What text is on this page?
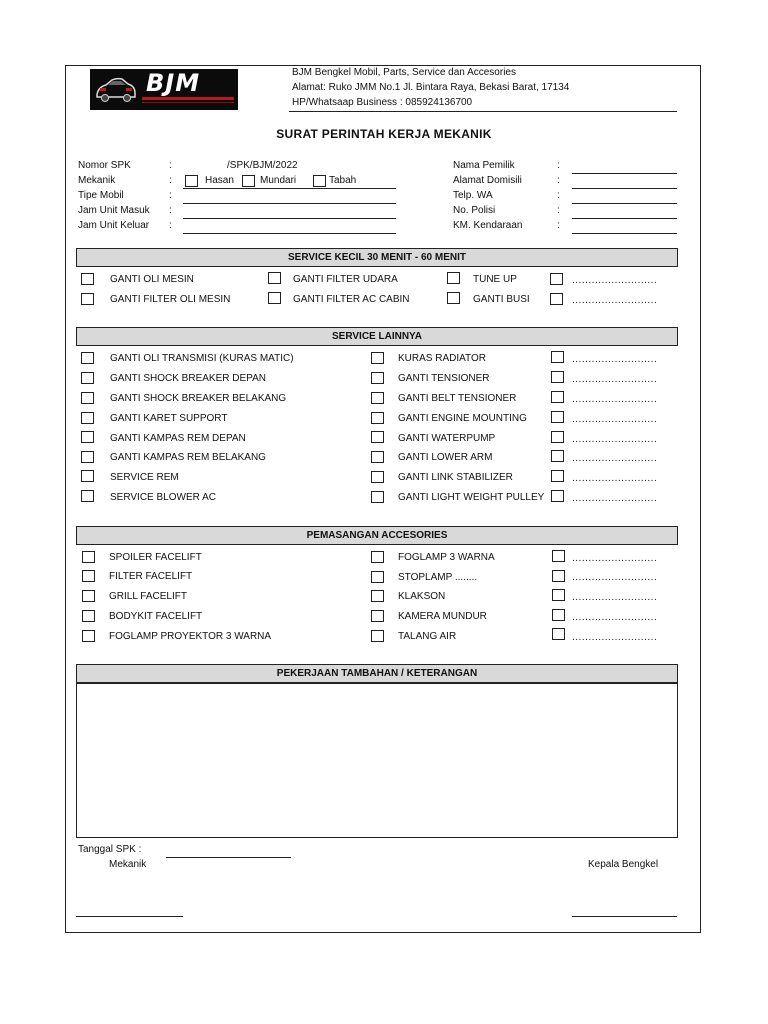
BJM	BJM Bengkel Mobil, Parts, Service dan Accesories
Alamat: Ruko JMM No.1 Jl. Bintara Raya, Bekasi Barat, 17134
HP/Whatsaap Business : 085924136700
SURAT PERINTAH KERJA MEKANIK
Nomor SPK	:	/SPK/BJM/2022
Mekanik	:	Hasan	Mundari	Tabah
Tipe Mobil	:
Jam Unit Masuk :
Jam Unit Keluar :
Nama Pemilik	:
Alamat Domisili	:
Telp. WA	:
No. Polisi	:
KM. Kendaraan	:
SERVICE KECIL 30 MENIT - 60 MENIT
GANTI OLI MESIN	GANTI FILTER UDARA	TUNE UP	..........................
GANTI FILTER OLI MESIN	GANTI FILTER AC CABIN	GANTI BUSI	..........................
SERVICE LAINNYA
GANTI OLI TRANSMISI (KURAS MATIC)	KURAS RADIATOR	..........................
GANTI SHOCK BREAKER DEPAN	GANTI TENSIONER	..........................
GANTI SHOCK BREAKER BELAKANG	GANTI BELT TENSIONER	..........................
GANTI KARET SUPPORT	GANTI ENGINE MOUNTING	..........................
GANTI KAMPAS REM DEPAN	GANTI WATERPUMP	..........................
GANTI KAMPAS REM BELAKANG	GANTI LOWER ARM	..........................
SERVICE REM	GANTI LINK STABILIZER	..........................
SERVICE BLOWER AC	GANTI LIGHT WEIGHT PULLEY	..........................
PEMASANGAN ACCESORIES
SPOILER FACELIFT	FOGLAMP 3 WARNA	..........................
FILTER FACELIFT	STOPLAMP ........	..........................
GRILL FACELIFT	KLAKSON	..........................
BODYKIT FACELIFT	KAMERA MUNDUR	..........................
FOGLAMP PROYEKTOR 3 WARNA	TALANG AIR	..........................
PEKERJAAN TAMBAHAN / KETERANGAN
Tanggal SPK :
Mekanik	Kepala Bengkel
